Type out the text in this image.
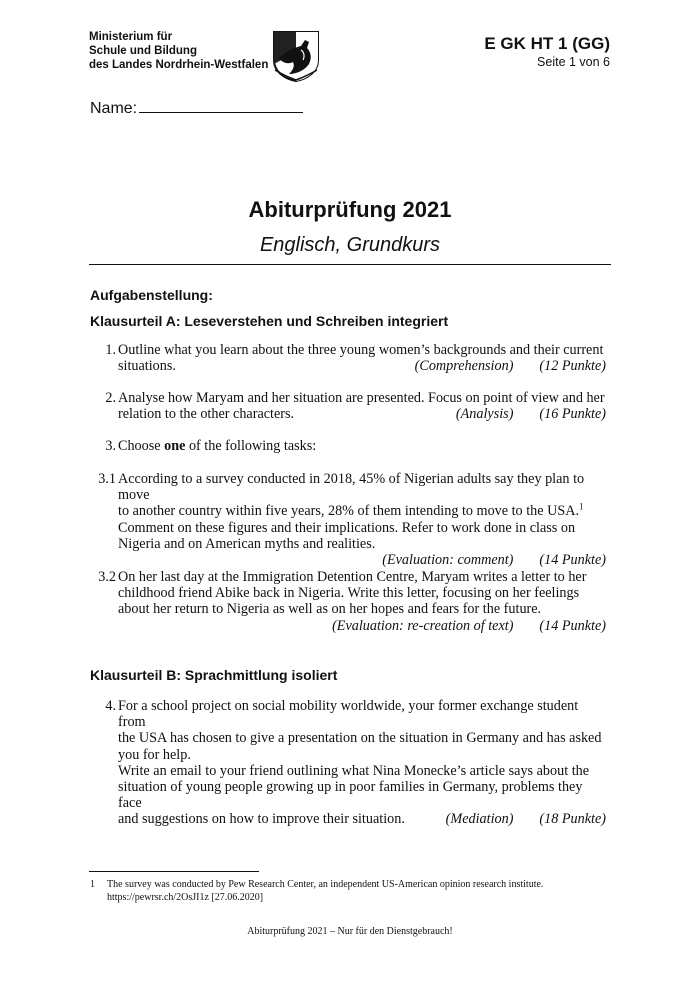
Ministerium für
Schule und Bildung
des Landes Nordrhein-Westfalen
E GK HT 1 (GG)
Seite 1 von 6
Name:
Abiturprüfung 2021
Englisch, Grundkurs
Aufgabenstellung:
Klausurteil A: Leseverstehen und Schreiben integriert
1. Outline what you learn about the three young women’s backgrounds and their current
situations.	(Comprehension) (12 Punkte)
2. Analyse how Maryam and her situation are presented. Focus on point of view and her
relation to the other characters.	(Analysis) (16 Punkte)
3. Choose one of the following tasks:
3.1 According to a survey conducted in 2018, 45% of Nigerian adults say they plan to move
to another country within five years, 28% of them intending to move to the USA.$^1$
Comment on these figures and their implications. Refer to work done in class on
Nigeria and on American myths and realities.
(Evaluation: comment) (14 Punkte)
3.2 On her last day at the Immigration Detention Centre, Maryam writes a letter to her
childhood friend Abike back in Nigeria. Write this letter, focusing on her feelings
about her return to Nigeria as well as on her hopes and fears for the future.
(Evaluation: re-creation of text) (14 Punkte)
Klausurteil B: Sprachmittlung isoliert
4. For a school project on social mobility worldwide, your former exchange student from
the USA has chosen to give a presentation on the situation in Germany and has asked
you for help.
Write an email to your friend outlining what Nina Monecke’s article says about the
situation of young people growing up in poor families in Germany, problems they face
and suggestions on how to improve their situation.	(Mediation) (18 Punkte)
1 The survey was conducted by Pew Research Center, an independent US-American opinion research institute.
https://pewrsr.ch/2OsJI1z [27.06.2020]
Abiturprüfung 2021 – Nur für den Dienstgebrauch!
